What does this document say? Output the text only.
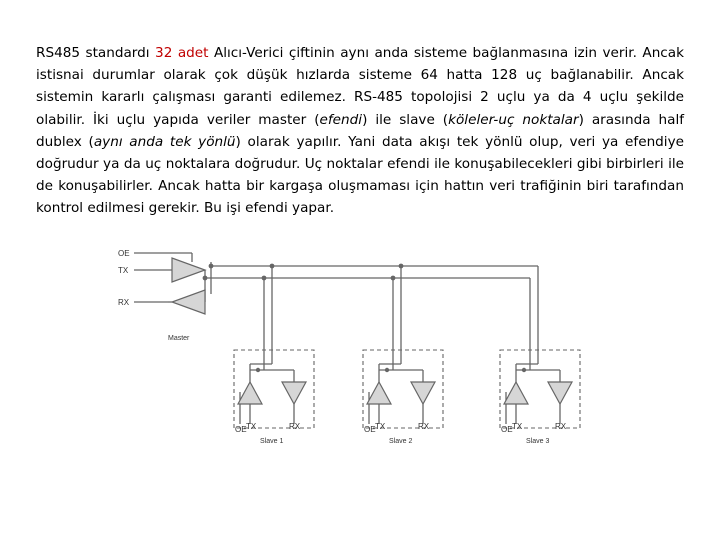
RS485 standardı 32 adet Alıcı-Verici çiftinin aynı anda sisteme bağlanmasına izin verir. Ancak istisnai durumlar olarak çok düşük hızlarda sisteme 64 hatta 128 uç bağlanabilir. Ancak sistemin kararlı çalışması garanti edilemez. RS-485 topolojisi 2 uçlu ya da 4 uçlu şekilde olabilir. İki uçlu yapıda veriler master (efendi) ile slave (köleler-uç noktalar) arasında half dublex (aynı anda tek yönlü) olarak yapılır. Yani data akışı tek yönlü olup, veri ya efendiye doğrudur ya da uç noktalara doğrudur. Uç noktalar efendi ile konuşabilecekleri gibi birbirleri ile de konuşabilirler. Ancak hatta bir kargaşa oluşmaması için hattın veri trafiğinin biri tarafından kontrol edilmesi gerekir. Bu işi efendi yapar.

OE
TX
RX
Master
OE TX	RX
Slave 1
OE TX	RX
Slave 2
OE TX	RX
Slave 3
